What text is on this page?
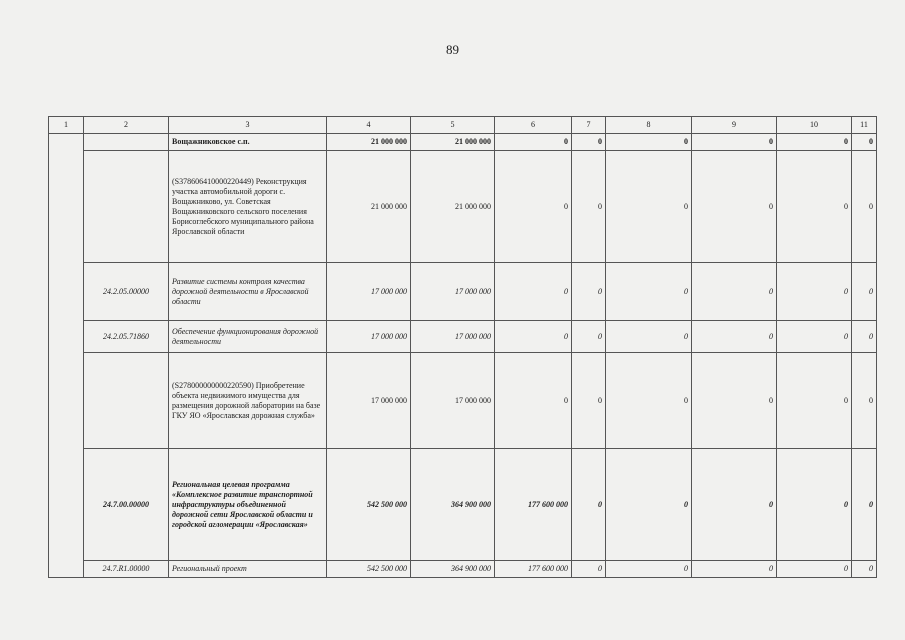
89
1	2	3	4	5	6	7	8	9	10	11
		Вощажниковское с.п.	21 000 000	21 000 000	0	0	0	0	0	0
		(S378606410000220449) Реконструкция участка автомобильной дороги с. Вощажниково, ул. Советская Вощажниковского сельского поселения Борисоглебского муниципального района Ярославской области	21 000 000	21 000 000	0	0	0	0	0	0
	24.2.05.00000	Развитие системы контроля качества дорожной деятельности в Ярославской области	17 000 000	17 000 000	0	0	0	0	0	0
	24.2.05.71860	Обеспечение функционирования дорожной деятельности	17 000 000	17 000 000	0	0	0	0	0	0
		(S278000000000220590) Приобретение объекта недвижимого имущества для размещения дорожной лаборатории на базе ГКУ ЯО «Ярославская дорожная служба»	17 000 000	17 000 000	0	0	0	0	0	0
	24.7.00.00000	Региональная целевая программа «Комплексное развитие транспортной инфраструктуры объединенной дорожной сети Ярославской области и городской агломерации «Ярославская»	542 500 000	364 900 000	177 600 000	0	0	0	0	0
	24.7.R1.00000	Региональный проект	542 500 000	364 900 000	177 600 000	0	0	0	0	0
